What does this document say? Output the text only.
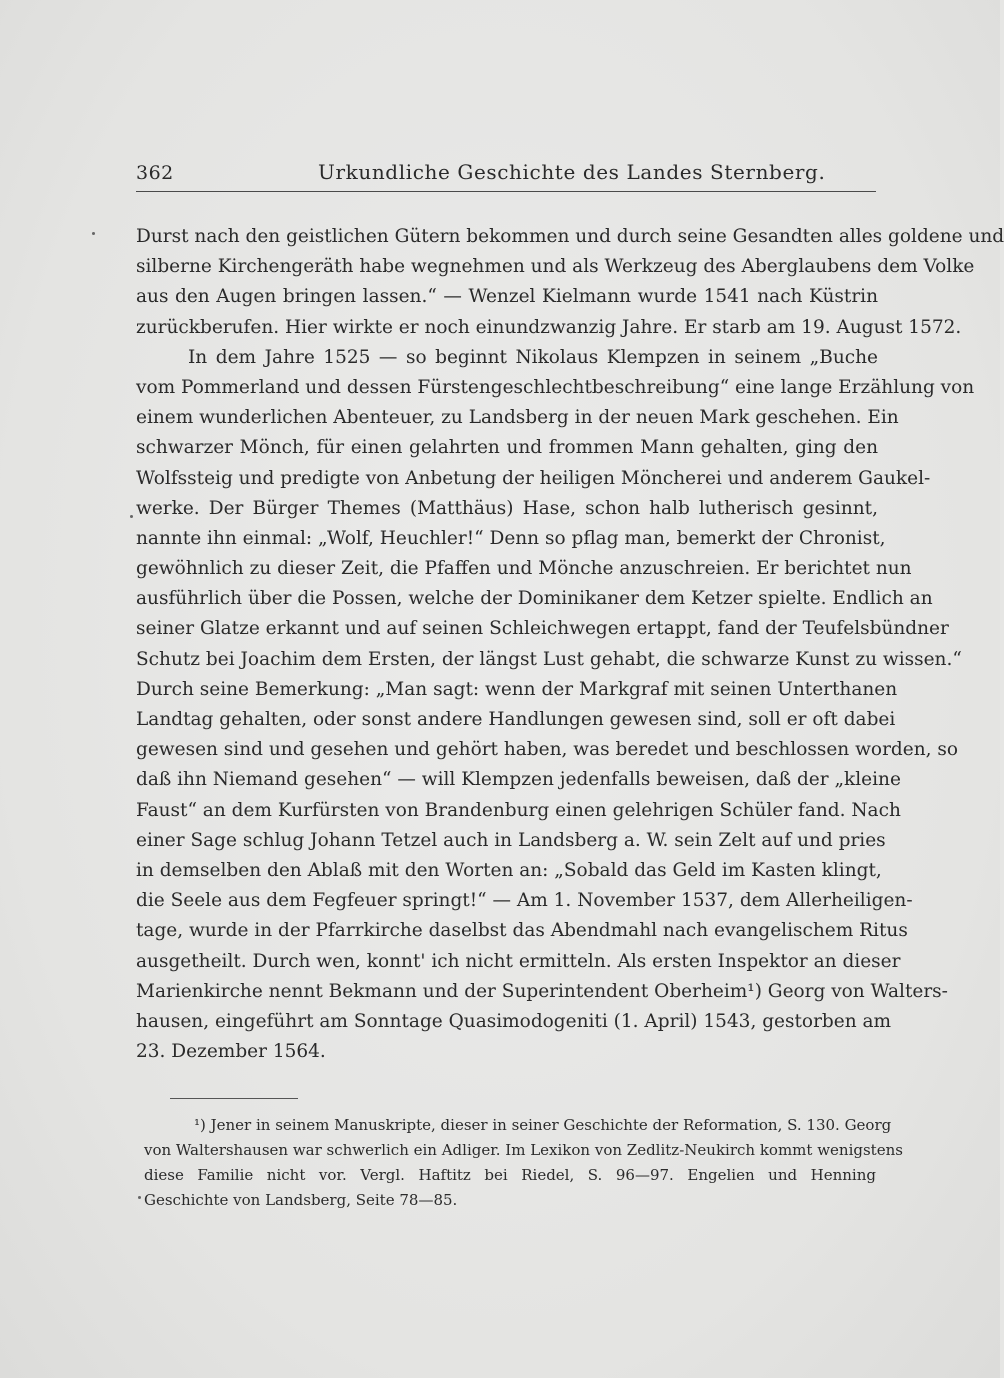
362	Urkundliche Geschichte des Landes Sternberg.
Durst nach den geistlichen Gütern bekommen und durch seine Gesandten alles goldene und
silberne Kirchengeräth habe wegnehmen und als Werkzeug des Aberglaubens dem Volke
aus den Augen bringen lassen.“ — Wenzel Kielmann wurde 1541 nach Küstrin
zurückberufen. Hier wirkte er noch einundzwanzig Jahre. Er starb am 19. August 1572.
In dem Jahre 1525 — so beginnt Nikolaus Klempzen in seinem „Buche
vom Pommerland und dessen Fürstengeschlechtbeschreibung“ eine lange Erzählung von
einem wunderlichen Abenteuer, zu Landsberg in der neuen Mark geschehen. Ein
schwarzer Mönch, für einen gelahrten und frommen Mann gehalten, ging den
Wolfssteig und predigte von Anbetung der heiligen Möncherei und anderem Gaukel-
werke. Der Bürger Themes (Matthäus) Hase, schon halb lutherisch gesinnt,
nannte ihn einmal: „Wolf, Heuchler!“ Denn so pflag man, bemerkt der Chronist,
gewöhnlich zu dieser Zeit, die Pfaffen und Mönche anzuschreien. Er berichtet nun
ausführlich über die Possen, welche der Dominikaner dem Ketzer spielte. Endlich an
seiner Glatze erkannt und auf seinen Schleichwegen ertappt, fand der Teufelsbündner
Schutz bei Joachim dem Ersten, der längst Lust gehabt, die schwarze Kunst zu wissen.“
Durch seine Bemerkung: „Man sagt: wenn der Markgraf mit seinen Unterthanen
Landtag gehalten, oder sonst andere Handlungen gewesen sind, soll er oft dabei
gewesen sind und gesehen und gehört haben, was beredet und beschlossen worden, so
daß ihn Niemand gesehen“ — will Klempzen jedenfalls beweisen, daß der „kleine
Faust“ an dem Kurfürsten von Brandenburg einen gelehrigen Schüler fand. Nach
einer Sage schlug Johann Tetzel auch in Landsberg a. W. sein Zelt auf und pries
in demselben den Ablaß mit den Worten an: „Sobald das Geld im Kasten klingt,
die Seele aus dem Fegfeuer springt!“ — Am 1. November 1537, dem Allerheiligen-
tage, wurde in der Pfarrkirche daselbst das Abendmahl nach evangelischem Ritus
ausgetheilt. Durch wen, konnt' ich nicht ermitteln. Als ersten Inspektor an dieser
Marienkirche nennt Bekmann und der Superintendent Oberheim¹) Georg von Walters-
hausen, eingeführt am Sonntage Quasimodogeniti (1. April) 1543, gestorben am
23. Dezember 1564.
¹) Jener in seinem Manuskripte, dieser in seiner Geschichte der Reformation, S. 130. Georg
von Waltershausen war schwerlich ein Adliger. Im Lexikon von Zedlitz-Neukirch kommt wenigstens
diese Familie nicht vor. Vergl. Haftitz bei Riedel, S. 96—97. Engelien und Henning
Geschichte von Landsberg, Seite 78—85.
